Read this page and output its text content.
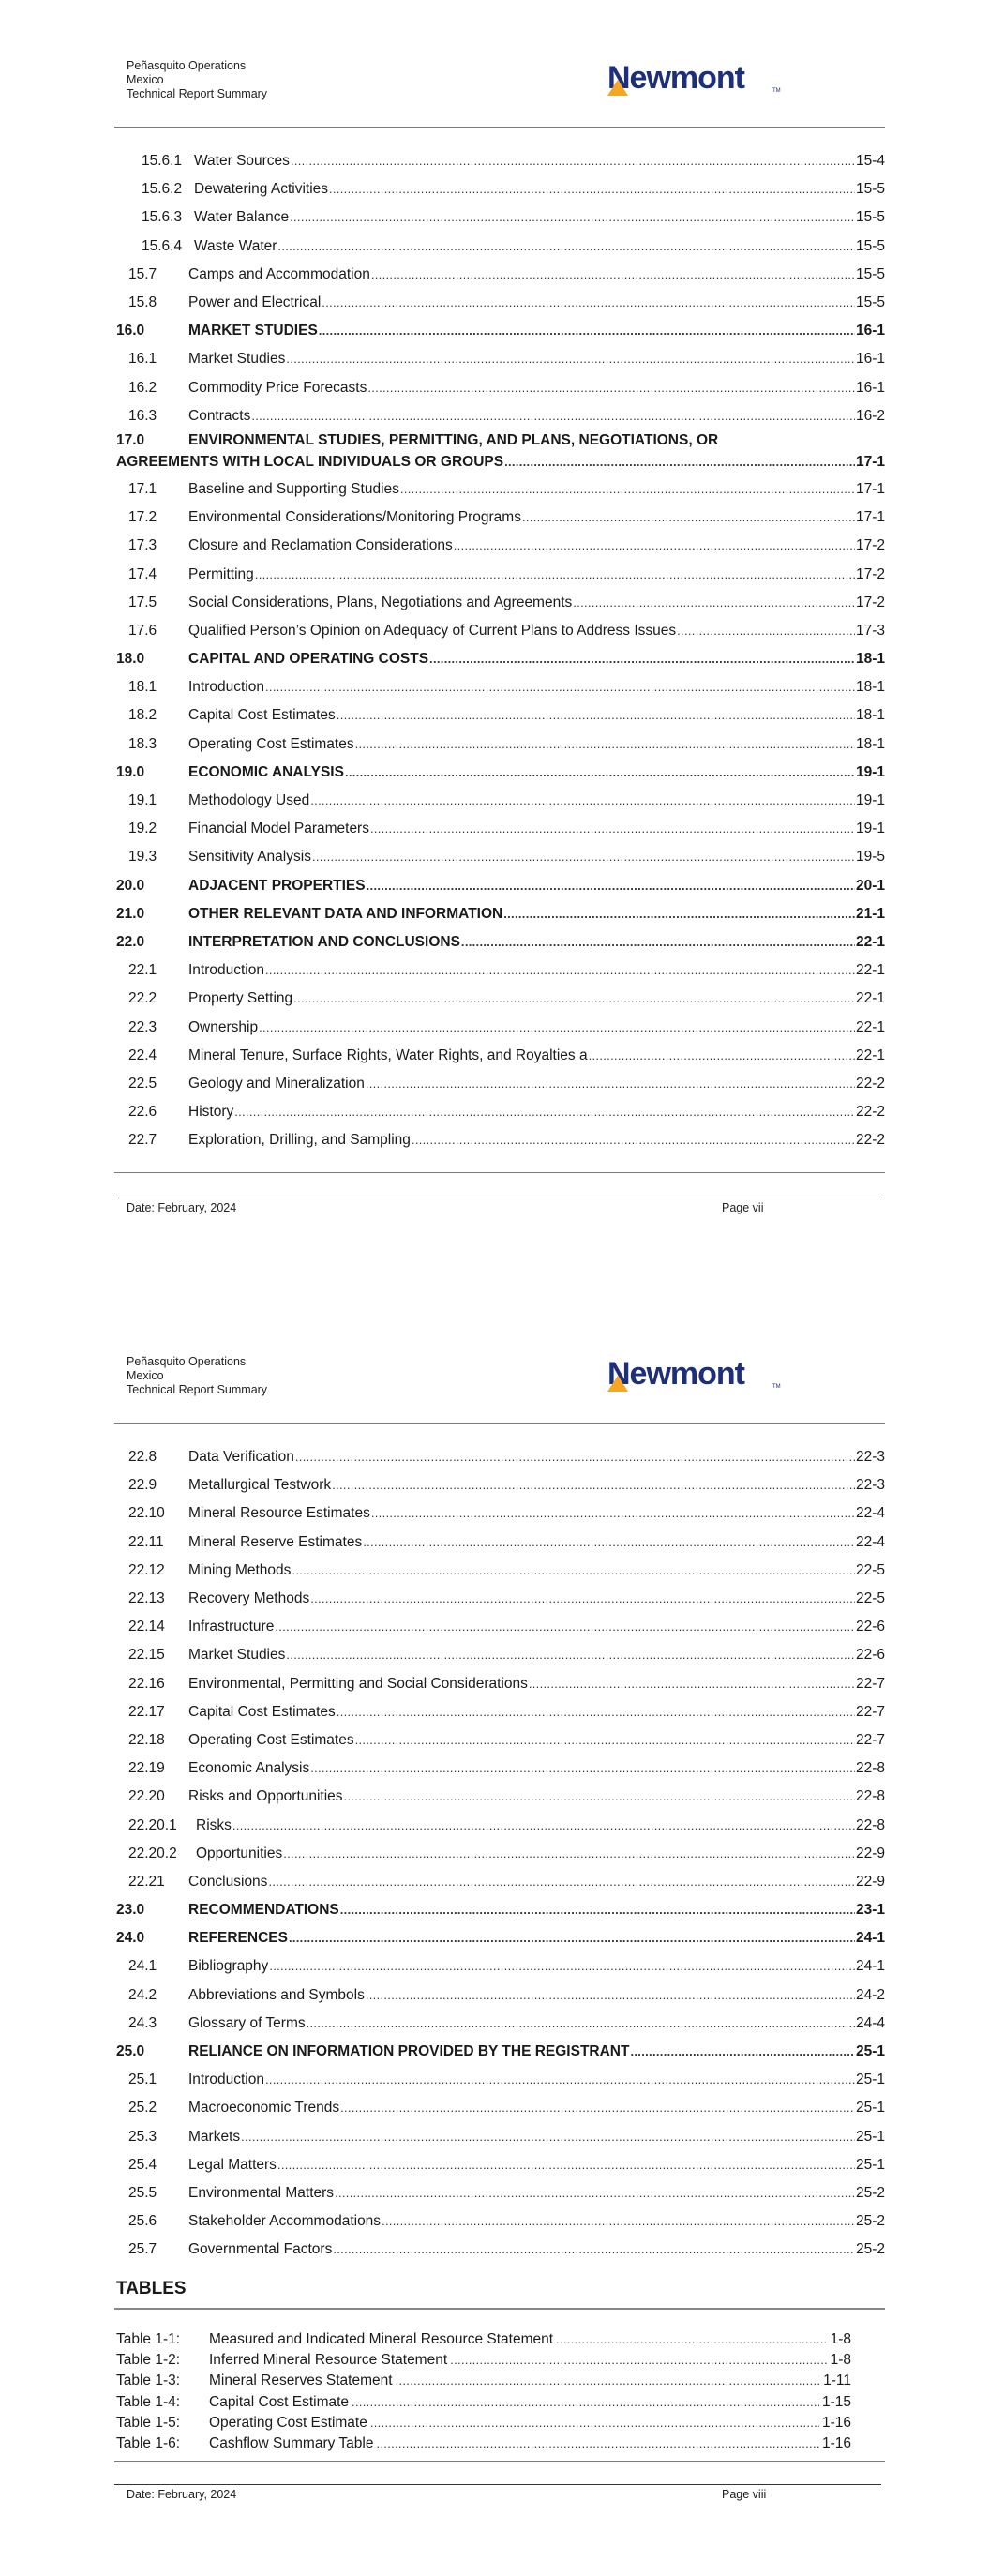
Peñasquito Operations
Mexico
Technical Report Summary	Newmont	TM
15.6.1 Water Sources .....	15-4
15.6.2 Dewatering Activities .....	15-5
15.6.3 Water Balance .....	15-5
15.6.4 Waste Water .....	15-5
15.7	Camps and Accommodation .....	15-5
15.8	Power and Electrical .....	15-5
16.0	MARKET STUDIES .....	16-1
16.1	Market Studies .....	16-1
16.2	Commodity Price Forecasts .....	16-1
16.3	Contracts .....	16-2
17.0	ENVIRONMENTAL STUDIES, PERMITTING, AND PLANS, NEGOTIATIONS, OR
AGREEMENTS WITH LOCAL INDIVIDUALS OR GROUPS .....	17-1
17.1	Baseline and Supporting Studies .....	17-1
17.2	Environmental Considerations/Monitoring Programs .....	17-1
17.3	Closure and Reclamation Considerations .....	17-2
17.4	Permitting .....	17-2
17.5	Social Considerations, Plans, Negotiations and Agreements .....	17-2
17.6	Qualified Person’s Opinion on Adequacy of Current Plans to Address Issues .....	17-3
18.0	CAPITAL AND OPERATING COSTS .....	18-1
18.1	Introduction .....	18-1
18.2	Capital Cost Estimates .....	18-1
18.3	Operating Cost Estimates .....	18-1
19.0	ECONOMIC ANALYSIS .....	19-1
19.1	Methodology Used .....	19-1
19.2	Financial Model Parameters .....	19-1
19.3	Sensitivity Analysis .....	19-5
20.0	ADJACENT PROPERTIES .....	20-1
21.0	OTHER RELEVANT DATA AND INFORMATION .....	21-1
22.0	INTERPRETATION AND CONCLUSIONS .....	22-1
22.1	Introduction .....	22-1
22.2	Property Setting .....	22-1
22.3	Ownership .....	22-1
22.4	Mineral Tenure, Surface Rights, Water Rights, and Royalties a .....	22-1
22.5	Geology and Mineralization .....	22-2
22.6	History .....	22-2
22.7	Exploration, Drilling, and Sampling .....	22-2
Date: February, 2024	Page vii
Peñasquito Operations
Mexico
Technical Report Summary	Newmont	TM
22.8	Data Verification .....	22-3
22.9	Metallurgical Testwork .....	22-3
22.10	Mineral Resource Estimates .....	22-4
22.11	Mineral Reserve Estimates .....	22-4
22.12	Mining Methods .....	22-5
22.13	Recovery Methods .....	22-5
22.14	Infrastructure .....	22-6
22.15	Market Studies .....	22-6
22.16	Environmental, Permitting and Social Considerations .....	22-7
22.17	Capital Cost Estimates .....	22-7
22.18	Operating Cost Estimates .....	22-7
22.19	Economic Analysis .....	22-8
22.20	Risks and Opportunities .....	22-8
22.20.1	Risks .....	22-8
22.20.2	Opportunities .....	22-9
22.21	Conclusions .....	22-9
23.0	RECOMMENDATIONS .....	23-1
24.0	REFERENCES .....	24-1
24.1	Bibliography .....	24-1
24.2	Abbreviations and Symbols .....	24-2
24.3	Glossary of Terms .....	24-4
25.0	RELIANCE ON INFORMATION PROVIDED BY THE REGISTRANT .....	25-1
25.1	Introduction .....	25-1
25.2	Macroeconomic Trends .....	25-1
25.3	Markets .....	25-1
25.4	Legal Matters .....	25-1
25.5	Environmental Matters .....	25-2
25.6	Stakeholder Accommodations .....	25-2
25.7	Governmental Factors .....	25-2
TABLES
Table 1-1:	Measured and Indicated Mineral Resource Statement .....	1-8
Table 1-2:	Inferred Mineral Resource Statement .....	1-8
Table 1-3:	Mineral Reserves Statement .....	1-11
Table 1-4:	Capital Cost Estimate .....	1-15
Table 1-5:	Operating Cost Estimate .....	1-16
Table 1-6:	Cashflow Summary Table .....	1-16
Date: February, 2024	Page viii
